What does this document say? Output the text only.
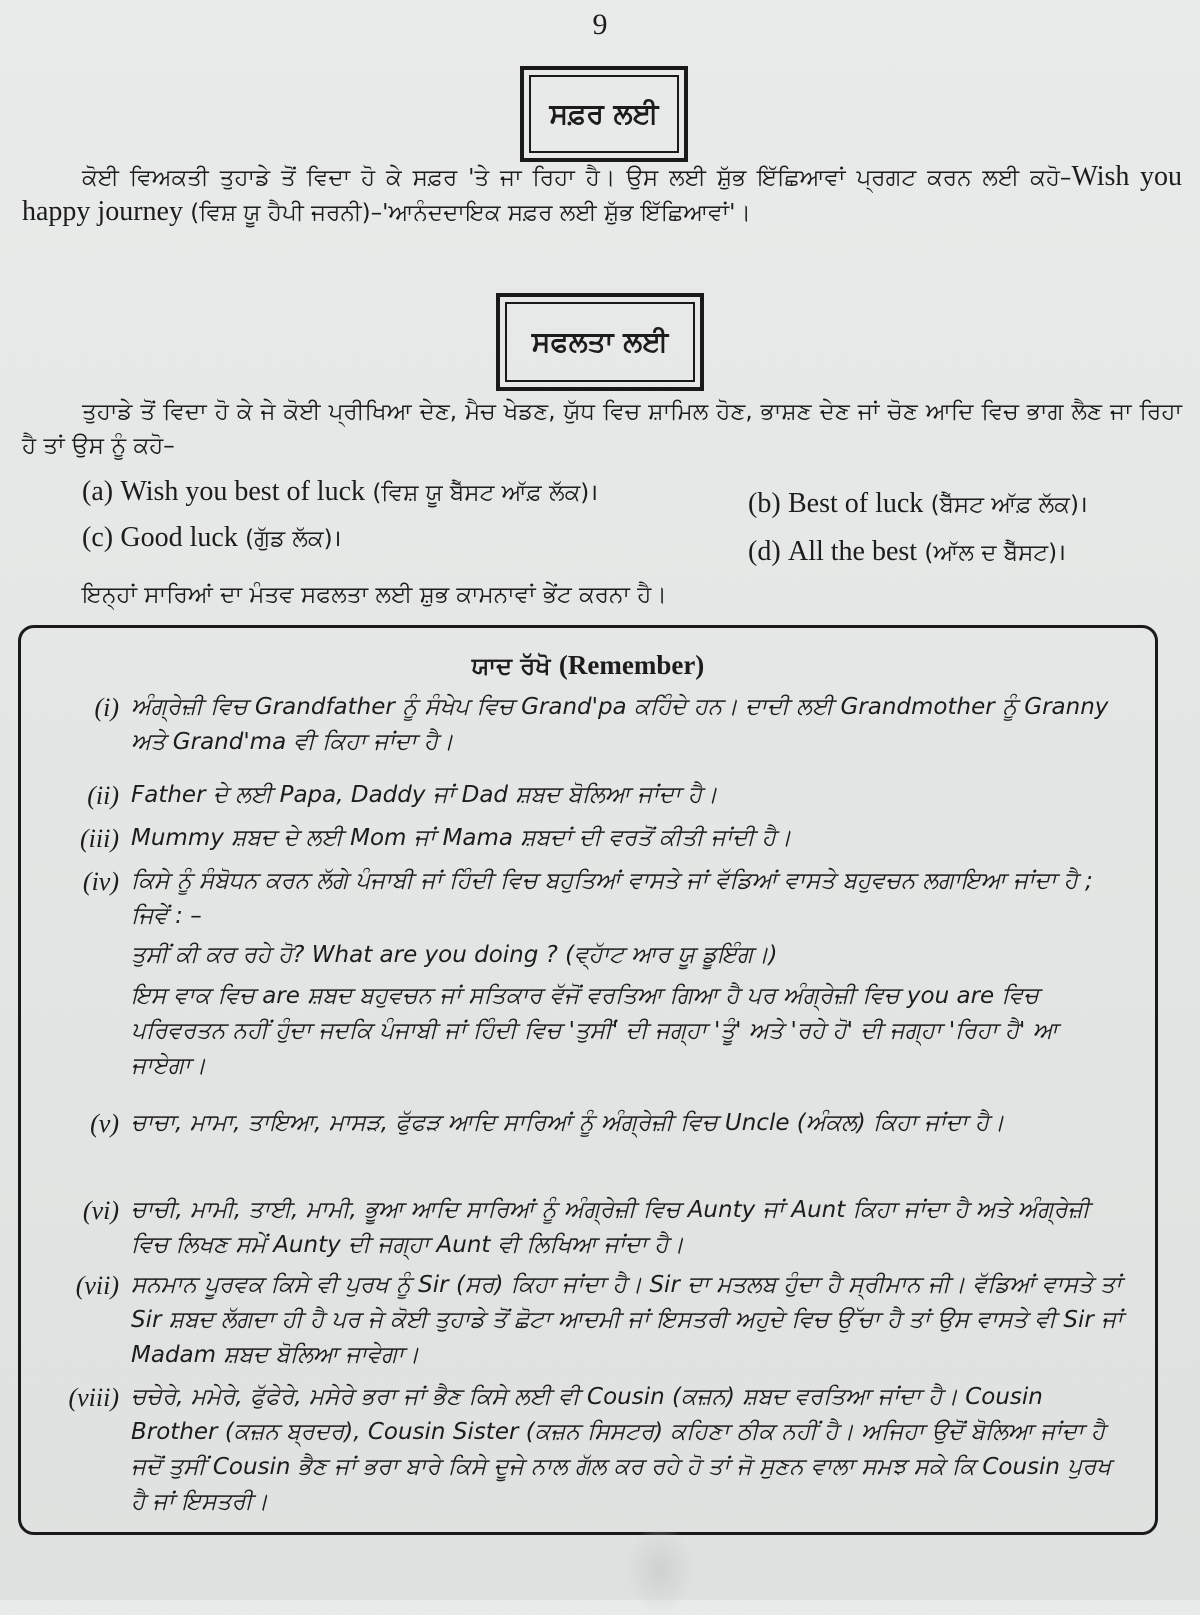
9
ਸਫ਼ਰ ਲਈ
ਕੋਈ ਵਿਅਕਤੀ ਤੁਹਾਡੇ ਤੋਂ ਵਿਦਾ ਹੋ ਕੇ ਸਫ਼ਰ 'ਤੇ ਜਾ ਰਿਹਾ ਹੈ। ਉਸ ਲਈ ਸ਼ੁੱਭ ਇੱਛਿਆਵਾਂ ਪ੍ਰਗਟ ਕਰਨ ਲਈ ਕਹੋ–Wish you happy journey (ਵਿਸ਼ ਯੂ ਹੈਪੀ ਜਰਨੀ)–'ਆਨੰਦਦਾਇਕ ਸਫ਼ਰ ਲਈ ਸ਼ੁੱਭ ਇੱਛਿਆਵਾਂ'।
ਸਫਲਤਾ ਲਈ
ਤੁਹਾਡੇ ਤੋਂ ਵਿਦਾ ਹੋ ਕੇ ਜੇ ਕੋਈ ਪ੍ਰੀਖਿਆ ਦੇਣ, ਮੈਚ ਖੇਡਣ, ਯੁੱਧ ਵਿਚ ਸ਼ਾਮਿਲ ਹੋਣ, ਭਾਸ਼ਣ ਦੇਣ ਜਾਂ ਚੋਣ ਆਦਿ ਵਿਚ ਭਾਗ ਲੈਣ ਜਾ ਰਿਹਾ ਹੈ ਤਾਂ ਉਸ ਨੂੰ ਕਹੋ–
(a) Wish you best of luck (ਵਿਸ਼ ਯੂ ਬੈੱਸਟ ਆੱਫ਼ ਲੱਕ)।	(b) Best of luck (ਬੈੱਸਟ ਆੱਫ਼ ਲੱਕ)।
(c) Good luck (ਗੁੱਡ ਲੱਕ)।	(d) All the best (ਆੱਲ ਦ ਬੈੱਸਟ)।
ਇਨ੍ਹਾਂ ਸਾਰਿਆਂ ਦਾ ਮੰਤਵ ਸਫਲਤਾ ਲਈ ਸ਼ੁਭ ਕਾਮਨਾਵਾਂ ਭੇਂਟ ਕਰਨਾ ਹੈ।
ਯਾਦ ਰੱਖੋ (Remember)
(i) ਅੰਗ੍ਰੇਜ਼ੀ ਵਿਚ Grandfather ਨੂੰ ਸੰਖੇਪ ਵਿਚ Grand'pa ਕਹਿੰਦੇ ਹਨ। ਦਾਦੀ ਲਈ Grandmother ਨੂੰ Granny ਅਤੇ Grand'ma ਵੀ ਕਿਹਾ ਜਾਂਦਾ ਹੈ।
(ii) Father ਦੇ ਲਈ Papa, Daddy ਜਾਂ Dad ਸ਼ਬਦ ਬੋਲਿਆ ਜਾਂਦਾ ਹੈ।
(iii) Mummy ਸ਼ਬਦ ਦੇ ਲਈ Mom ਜਾਂ Mama ਸ਼ਬਦਾਂ ਦੀ ਵਰਤੋਂ ਕੀਤੀ ਜਾਂਦੀ ਹੈ।
(iv) ਕਿਸੇ ਨੂੰ ਸੰਬੋਧਨ ਕਰਨ ਲੱਗੇ ਪੰਜਾਬੀ ਜਾਂ ਹਿੰਦੀ ਵਿਚ ਬਹੁਤਿਆਂ ਵਾਸਤੇ ਜਾਂ ਵੱਡਿਆਂ ਵਾਸਤੇ ਬਹੁਵਚਨ ਲਗਾਇਆ ਜਾਂਦਾ ਹੈ ; ਜਿਵੇਂ : –
ਤੁਸੀਂ ਕੀ ਕਰ ਰਹੇ ਹੋ? What are you doing ? (ਵ੍ਹਾੱਟ ਆਰ ਯੂ ਡੂਇੰਗ।)
ਇਸ ਵਾਕ ਵਿਚ are ਸ਼ਬਦ ਬਹੁਵਚਨ ਜਾਂ ਸਤਿਕਾਰ ਵੱਜੋਂ ਵਰਤਿਆ ਗਿਆ ਹੈ ਪਰ ਅੰਗ੍ਰੇਜ਼ੀ ਵਿਚ you are ਵਿਚ ਪਰਿਵਰਤਨ ਨਹੀਂ ਹੁੰਦਾ ਜਦਕਿ ਪੰਜਾਬੀ ਜਾਂ ਹਿੰਦੀ ਵਿਚ 'ਤੁਸੀਂ' ਦੀ ਜਗ੍ਹਾ 'ਤੂੰ' ਅਤੇ 'ਰਹੇ ਹੋ' ਦੀ ਜਗ੍ਹਾ 'ਰਿਹਾ ਹੈ' ਆ ਜਾਏਗਾ।
(v) ਚਾਚਾ, ਮਾਮਾ, ਤਾਇਆ, ਮਾਸੜ, ਫੁੱਫੜ ਆਦਿ ਸਾਰਿਆਂ ਨੂੰ ਅੰਗ੍ਰੇਜ਼ੀ ਵਿਚ Uncle (ਅੰਕਲ) ਕਿਹਾ ਜਾਂਦਾ ਹੈ।
(vi) ਚਾਚੀ, ਮਾਮੀ, ਤਾਈ, ਮਾਮੀ, ਭੂਆ ਆਦਿ ਸਾਰਿਆਂ ਨੂੰ ਅੰਗ੍ਰੇਜ਼ੀ ਵਿਚ Aunty ਜਾਂ Aunt ਕਿਹਾ ਜਾਂਦਾ ਹੈ ਅਤੇ ਅੰਗ੍ਰੇਜ਼ੀ ਵਿਚ ਲਿਖਣ ਸਮੇਂ Aunty ਦੀ ਜਗ੍ਹਾ Aunt ਵੀ ਲਿਖਿਆ ਜਾਂਦਾ ਹੈ।
(vii) ਸਨਮਾਨ ਪੂਰਵਕ ਕਿਸੇ ਵੀ ਪੁਰਖ ਨੂੰ Sir (ਸਰ) ਕਿਹਾ ਜਾਂਦਾ ਹੈ। Sir ਦਾ ਮਤਲਬ ਹੁੰਦਾ ਹੈ ਸ੍ਰੀਮਾਨ ਜੀ। ਵੱਡਿਆਂ ਵਾਸਤੇ ਤਾਂ Sir ਸ਼ਬਦ ਲੱਗਦਾ ਹੀ ਹੈ ਪਰ ਜੇ ਕੋਈ ਤੁਹਾਡੇ ਤੋਂ ਛੋਟਾ ਆਦਮੀ ਜਾਂ ਇਸਤਰੀ ਅਹੁਦੇ ਵਿਚ ਉੱਚਾ ਹੈ ਤਾਂ ਉਸ ਵਾਸਤੇ ਵੀ Sir ਜਾਂ Madam ਸ਼ਬਦ ਬੋਲਿਆ ਜਾਵੇਗਾ।
(viii) ਚਚੇਰੇ, ਮਮੇਰੇ, ਫੁੱਫੇਰੇ, ਮਸੇਰੇ ਭਰਾ ਜਾਂ ਭੈਣ ਕਿਸੇ ਲਈ ਵੀ Cousin (ਕਜ਼ਨ) ਸ਼ਬਦ ਵਰਤਿਆ ਜਾਂਦਾ ਹੈ। Cousin Brother (ਕਜ਼ਨ ਬ੍ਰਦਰ), Cousin Sister (ਕਜ਼ਨ ਸਿਸਟਰ) ਕਹਿਣਾ ਠੀਕ ਨਹੀਂ ਹੈ। ਅਜਿਹਾ ਉਦੋਂ ਬੋਲਿਆ ਜਾਂਦਾ ਹੈ ਜਦੋਂ ਤੁਸੀਂ Cousin ਭੈਣ ਜਾਂ ਭਰਾ ਬਾਰੇ ਕਿਸੇ ਦੂਜੇ ਨਾਲ ਗੱਲ ਕਰ ਰਹੇ ਹੋ ਤਾਂ ਜੋ ਸੁਣਨ ਵਾਲਾ ਸਮਝ ਸਕੇ ਕਿ Cousin ਪੁਰਖ ਹੈ ਜਾਂ ਇਸਤਰੀ।
